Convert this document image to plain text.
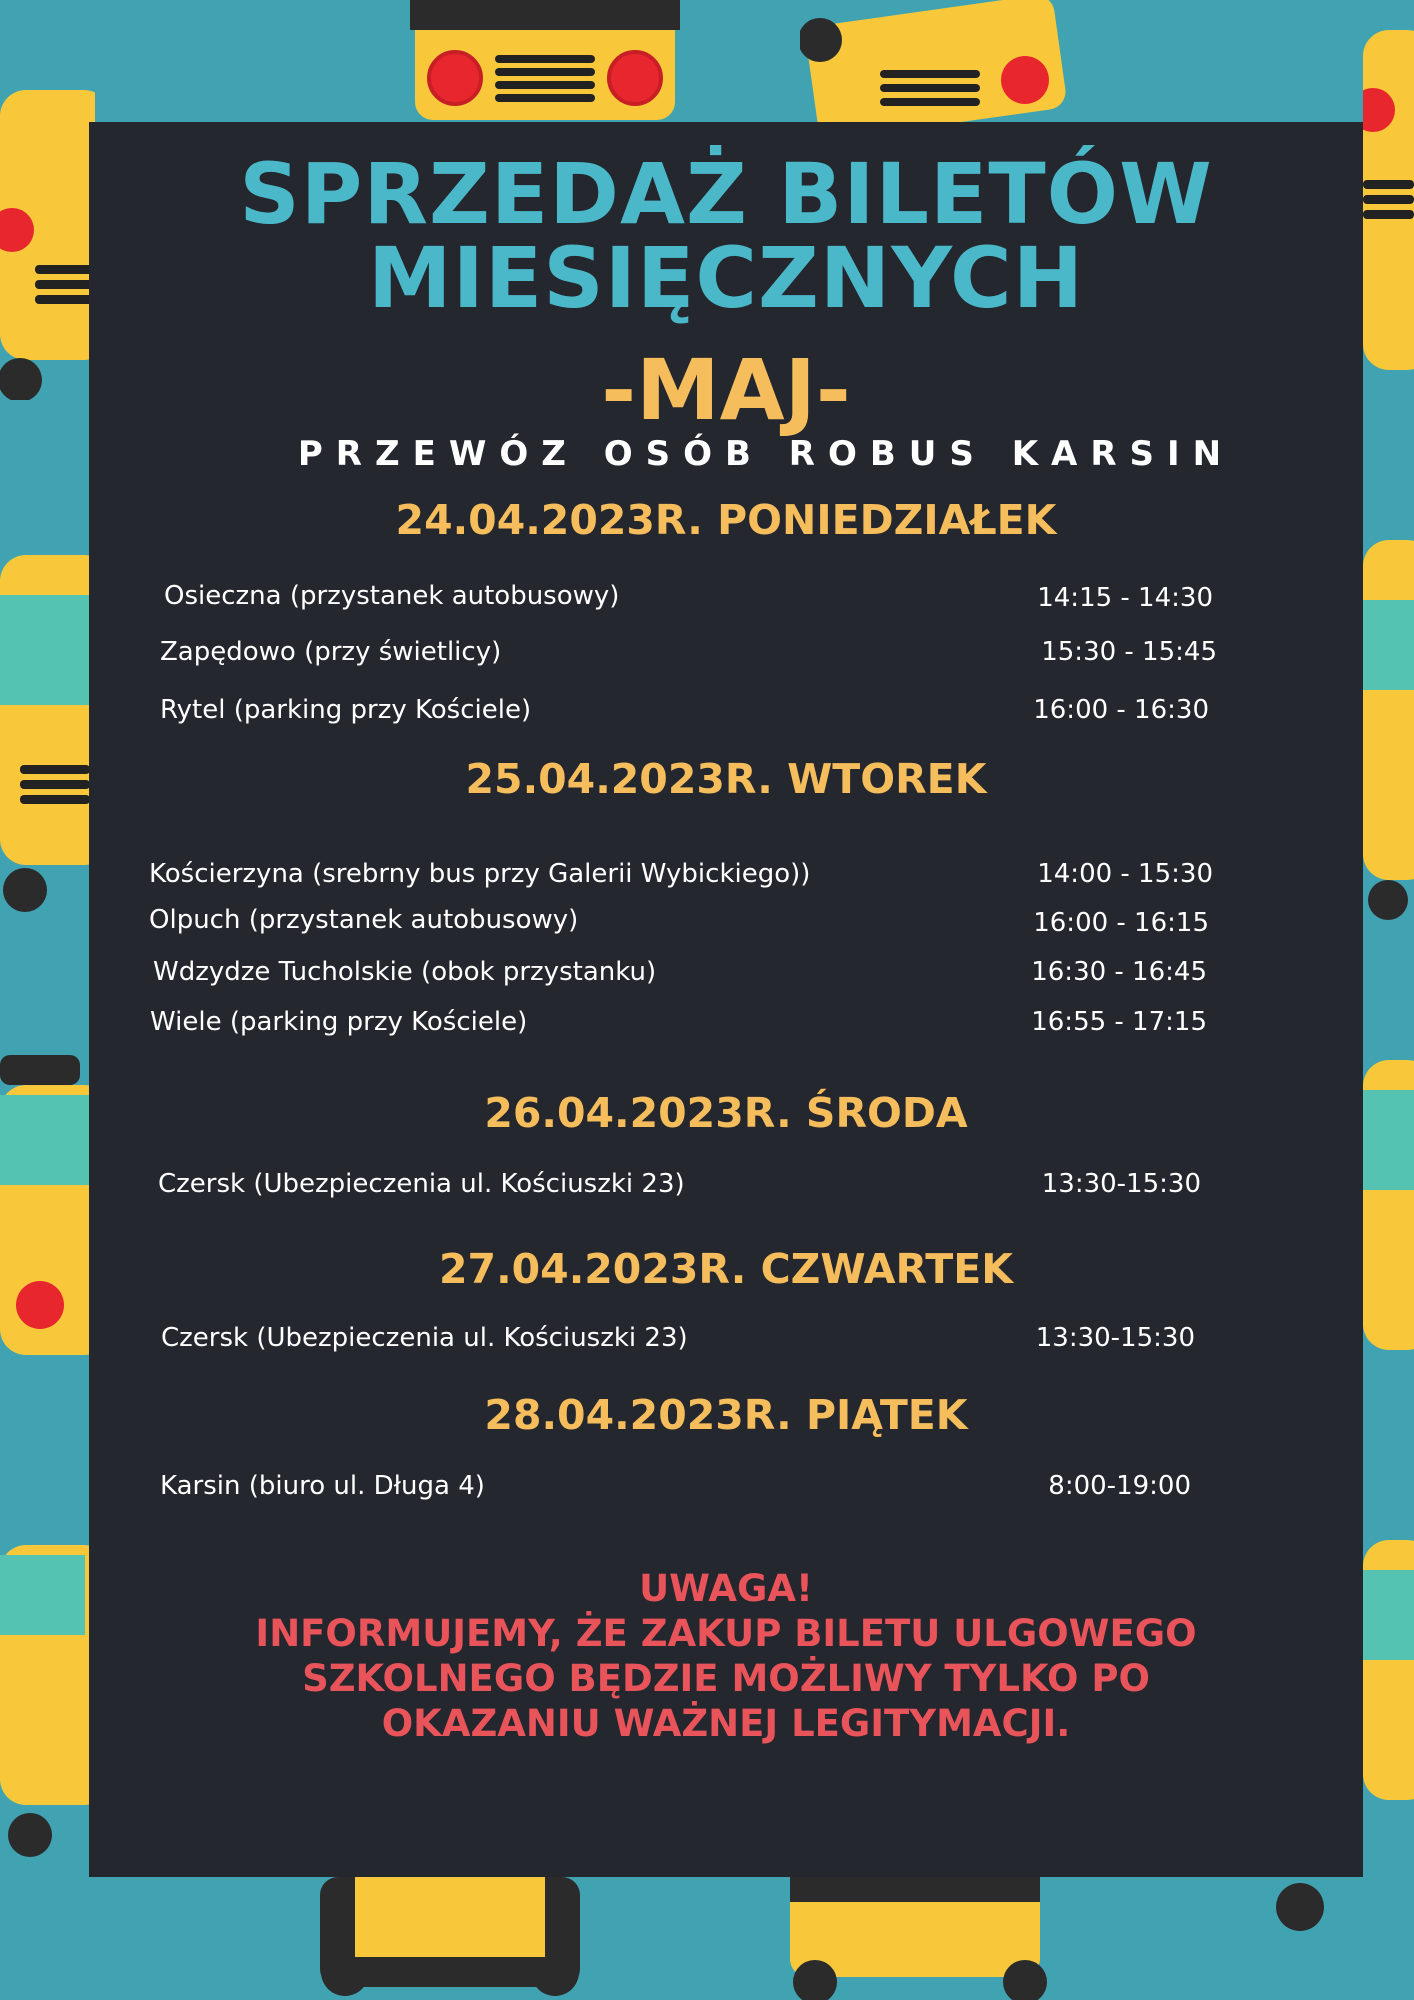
SPRZEDAŻ BILETÓW
MIESIĘCZNYCH
-MAJ-
PRZEWÓZ OSÓB ROBUS KARSIN
24.04.2023R. PONIEDZIAŁEK
Osieczna (przystanek autobusowy)	14:15 - 14:30
Zapędowo (przy świetlicy)	15:30 - 15:45
Rytel (parking przy Kościele)	16:00 - 16:30
25.04.2023R. WTOREK
Kościerzyna (srebrny bus przy Galerii Wybickiego))	14:00 - 15:30
Olpuch (przystanek autobusowy)	16:00 - 16:15
Wdzydze Tucholskie (obok przystanku)	16:30 - 16:45
Wiele (parking przy Kościele)	16:55 - 17:15
26.04.2023R. ŚRODA
Czersk (Ubezpieczenia ul. Kościuszki 23)	13:30-15:30
27.04.2023R. CZWARTEK
Czersk (Ubezpieczenia ul. Kościuszki 23)	13:30-15:30
28.04.2023R. PIĄTEK
Karsin (biuro ul. Długa 4)	8:00-19:00
UWAGA!
INFORMUJEMY, ŻE ZAKUP BILETU ULGOWEGO
SZKOLNEGO BĘDZIE MOŻLIWY TYLKO PO
OKAZANIU WAŻNEJ LEGITYMACJI.
